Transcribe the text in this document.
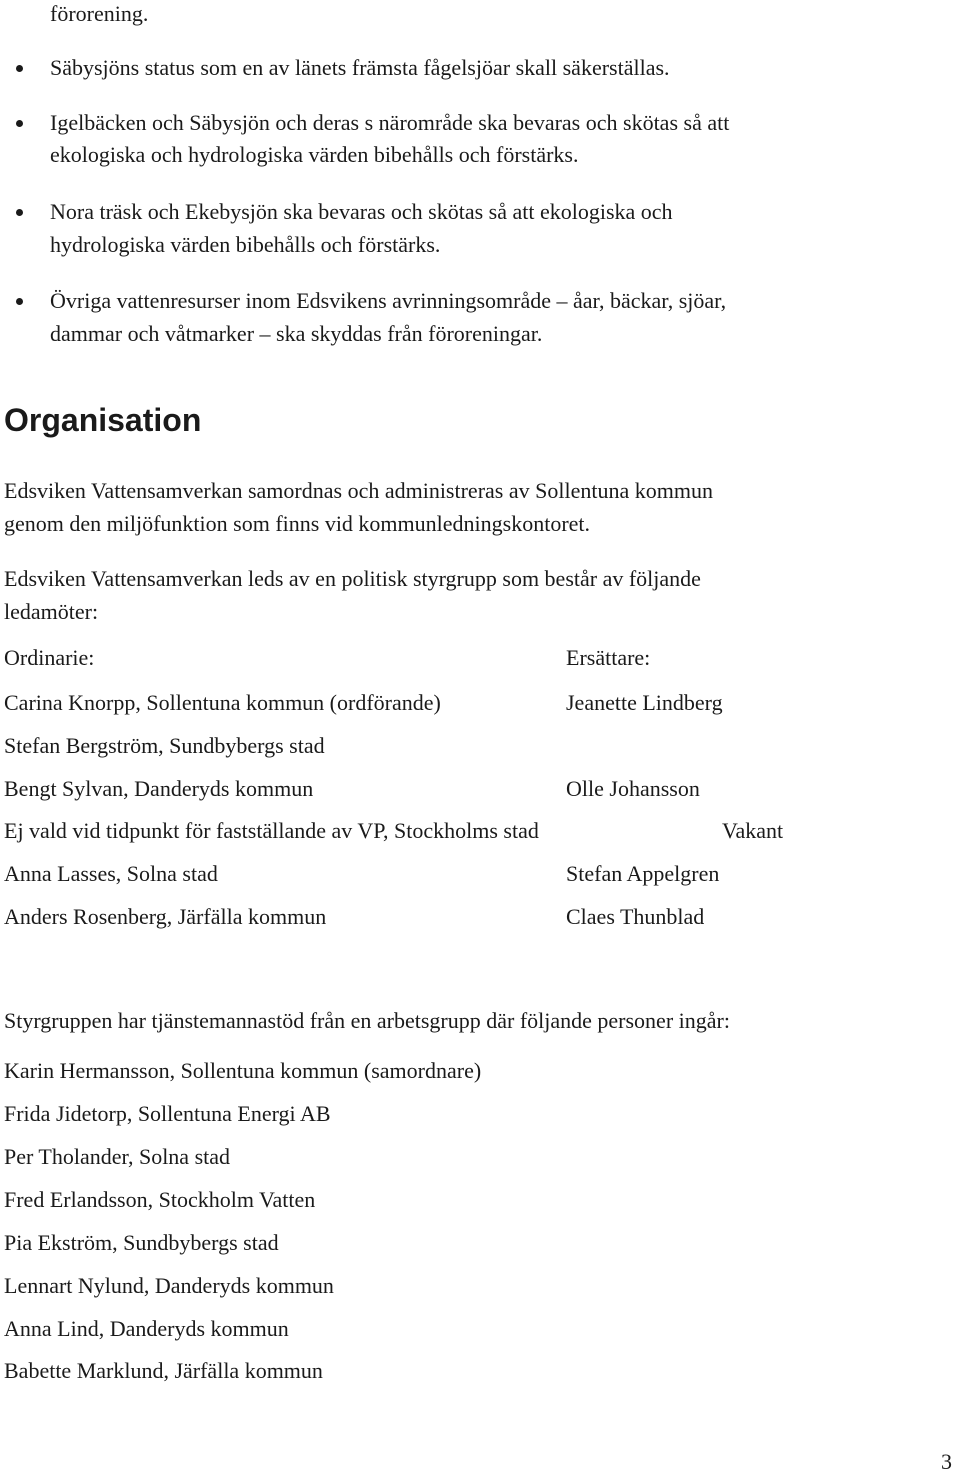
förorening.
Säbysjöns status som en av länets främsta fågelsjöar skall säkerställas.
Igelbäcken och Säbysjön och deras s närområde ska bevaras och skötas så att
ekologiska och hydrologiska värden bibehålls och förstärks.
Nora träsk och Ekebysjön ska bevaras och skötas så att ekologiska och
hydrologiska värden bibehålls och förstärks.
Övriga vattenresurser inom Edsvikens avrinningsområde – åar, bäckar, sjöar,
dammar och våtmarker – ska skyddas från föroreningar.
Organisation
Edsviken Vattensamverkan samordnas och administreras av Sollentuna kommun
genom den miljöfunktion som finns vid kommunledningskontoret.
Edsviken Vattensamverkan leds av en politisk styrgrupp som består av följande
ledamöter:
Ordinarie:	Ersättare:
Carina Knorpp, Sollentuna kommun (ordförande)	Jeanette Lindberg
Stefan Bergström, Sundbybergs stad
Bengt Sylvan, Danderyds kommun	Olle Johansson
Ej vald vid tidpunkt för fastställande av VP, Stockholms stad	Vakant
Anna Lasses, Solna stad	Stefan Appelgren
Anders Rosenberg, Järfälla kommun	Claes Thunblad
Styrgruppen har tjänstemannastöd från en arbetsgrupp där följande personer ingår:
Karin Hermansson, Sollentuna kommun (samordnare)
Frida Jidetorp, Sollentuna Energi AB
Per Tholander, Solna stad
Fred Erlandsson, Stockholm Vatten
Pia Ekström, Sundbybergs stad
Lennart Nylund, Danderyds kommun
Anna Lind, Danderyds kommun
Babette Marklund, Järfälla kommun
3
